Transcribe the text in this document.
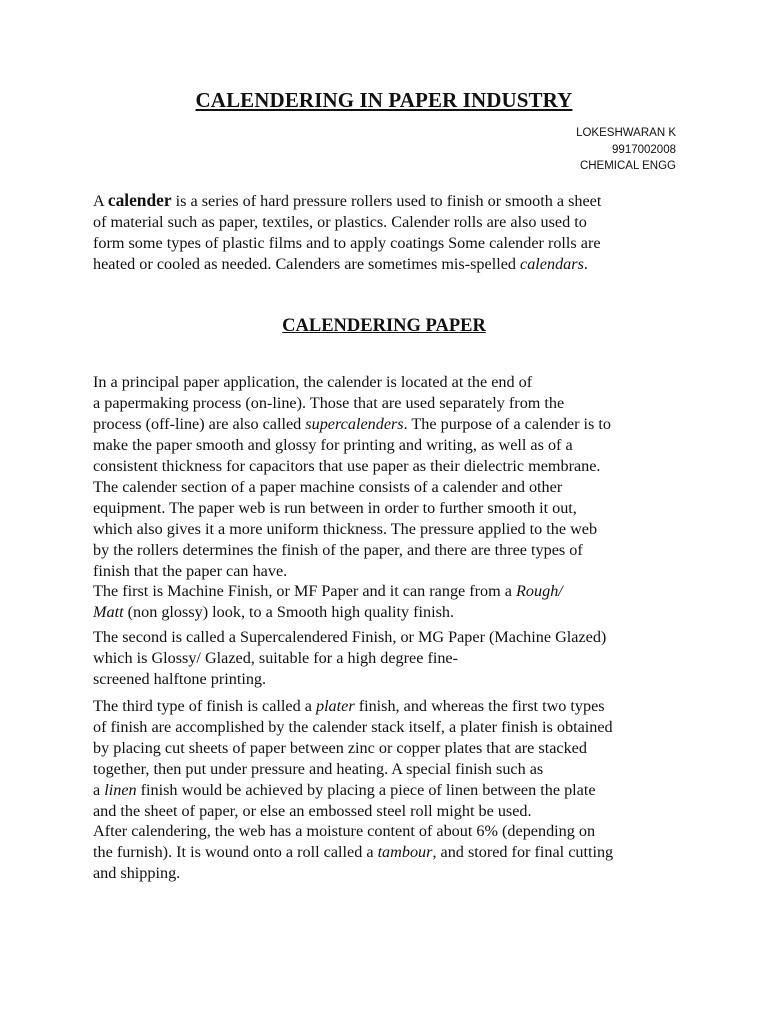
CALENDERING IN PAPER INDUSTRY
LOKESHWARAN K
9917002008
CHEMICAL ENGG
A calender is a series of hard pressure rollers used to finish or smooth a sheet
of material such as paper, textiles, or plastics. Calender rolls are also used to
form some types of plastic films and to apply coatings Some calender rolls are
heated or cooled as needed. Calenders are sometimes mis-spelled calendars.
CALENDERING PAPER
In a principal paper application, the calender is located at the end of
a papermaking process (on-line). Those that are used separately from the
process (off-line) are also called supercalenders. The purpose of a calender is to
make the paper smooth and glossy for printing and writing, as well as of a
consistent thickness for capacitors that use paper as their dielectric membrane.
The calender section of a paper machine consists of a calender and other
equipment. The paper web is run between in order to further smooth it out,
which also gives it a more uniform thickness. The pressure applied to the web
by the rollers determines the finish of the paper, and there are three types of
finish that the paper can have.
The first is Machine Finish, or MF Paper and it can range from a Rough/
Matt (non glossy) look, to a Smooth high quality finish.
The second is called a Supercalendered Finish, or MG Paper (Machine Glazed)
which is Glossy/ Glazed, suitable for a high degree fine-
screened halftone printing.
The third type of finish is called a plater finish, and whereas the first two types
of finish are accomplished by the calender stack itself, a plater finish is obtained
by placing cut sheets of paper between zinc or copper plates that are stacked
together, then put under pressure and heating. A special finish such as
a linen finish would be achieved by placing a piece of linen between the plate
and the sheet of paper, or else an embossed steel roll might be used.
After calendering, the web has a moisture content of about 6% (depending on
the furnish). It is wound onto a roll called a tambour, and stored for final cutting
and shipping.
